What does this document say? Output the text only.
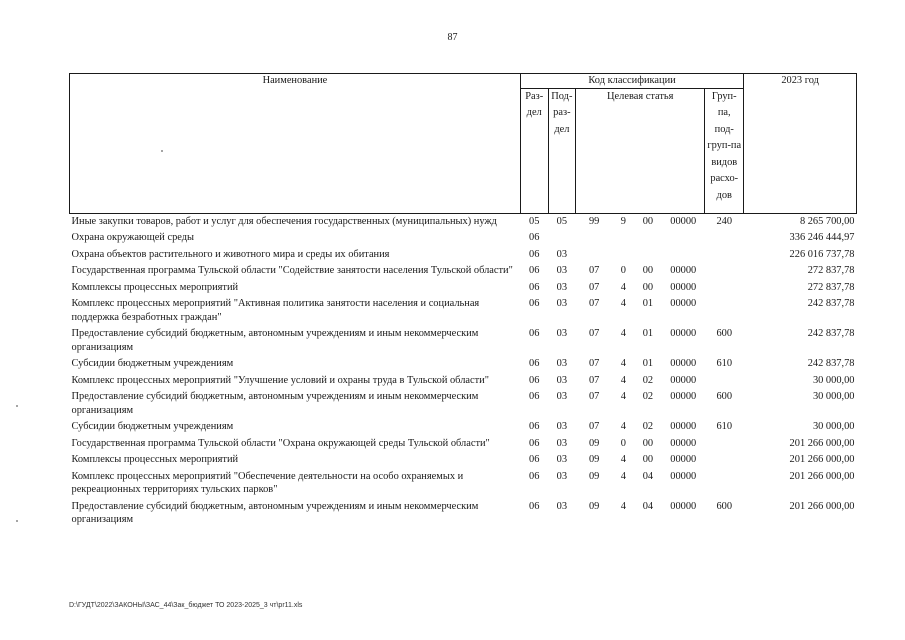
87
Наименование	Код классификации							2023 год
	Раз-дел	Под-раз-дел	Целевая статья				Груп-па, под-груп-па видов расхо-дов	
Иные закупки товаров, работ и услуг для обеспечения государственных (муниципальных) нужд	05	05	99	9	00	00000	240	8 265 700,00
Охрана окружающей среды	06							336 246 444,97
Охрана объектов растительного и животного мира и среды их обитания	06	03						226 016 737,78
Государственная программа Тульской области "Содействие занятости населения Тульской области"	06	03	07	0	00	00000		272 837,78
Комплексы процессных мероприятий	06	03	07	4	00	00000		272 837,78
Комплекс процессных мероприятий "Активная политика занятости населения и социальная поддержка безработных граждан"	06	03	07	4	01	00000		242 837,78
Предоставление субсидий бюджетным, автономным учреждениям и иным некоммерческим организациям	06	03	07	4	01	00000	600	242 837,78
Субсидии бюджетным учреждениям	06	03	07	4	01	00000	610	242 837,78
Комплекс процессных мероприятий "Улучшение условий и охраны труда в Тульской области"	06	03	07	4	02	00000		30 000,00
Предоставление субсидий бюджетным, автономным учреждениям и иным некоммерческим организациям	06	03	07	4	02	00000	600	30 000,00
Субсидии бюджетным учреждениям	06	03	07	4	02	00000	610	30 000,00
Государственная программа Тульской области "Охрана окружающей среды Тульской области"	06	03	09	0	00	00000		201 266 000,00
Комплексы процессных мероприятий	06	03	09	4	00	00000		201 266 000,00
Комплекс процессных мероприятий "Обеспечение деятельности на особо охраняемых и рекреационных территориях тульских парков"	06	03	09	4	04	00000		201 266 000,00
Предоставление субсидий бюджетным, автономным учреждениям и иным некоммерческим организациям	06	03	09	4	04	00000	600	201 266 000,00
D:\ГУДТ\2022\ЗАКОНЫ\ЗАС_44\Зак_бюджет ТО 2023-2025_3 чт\pr11.xls
